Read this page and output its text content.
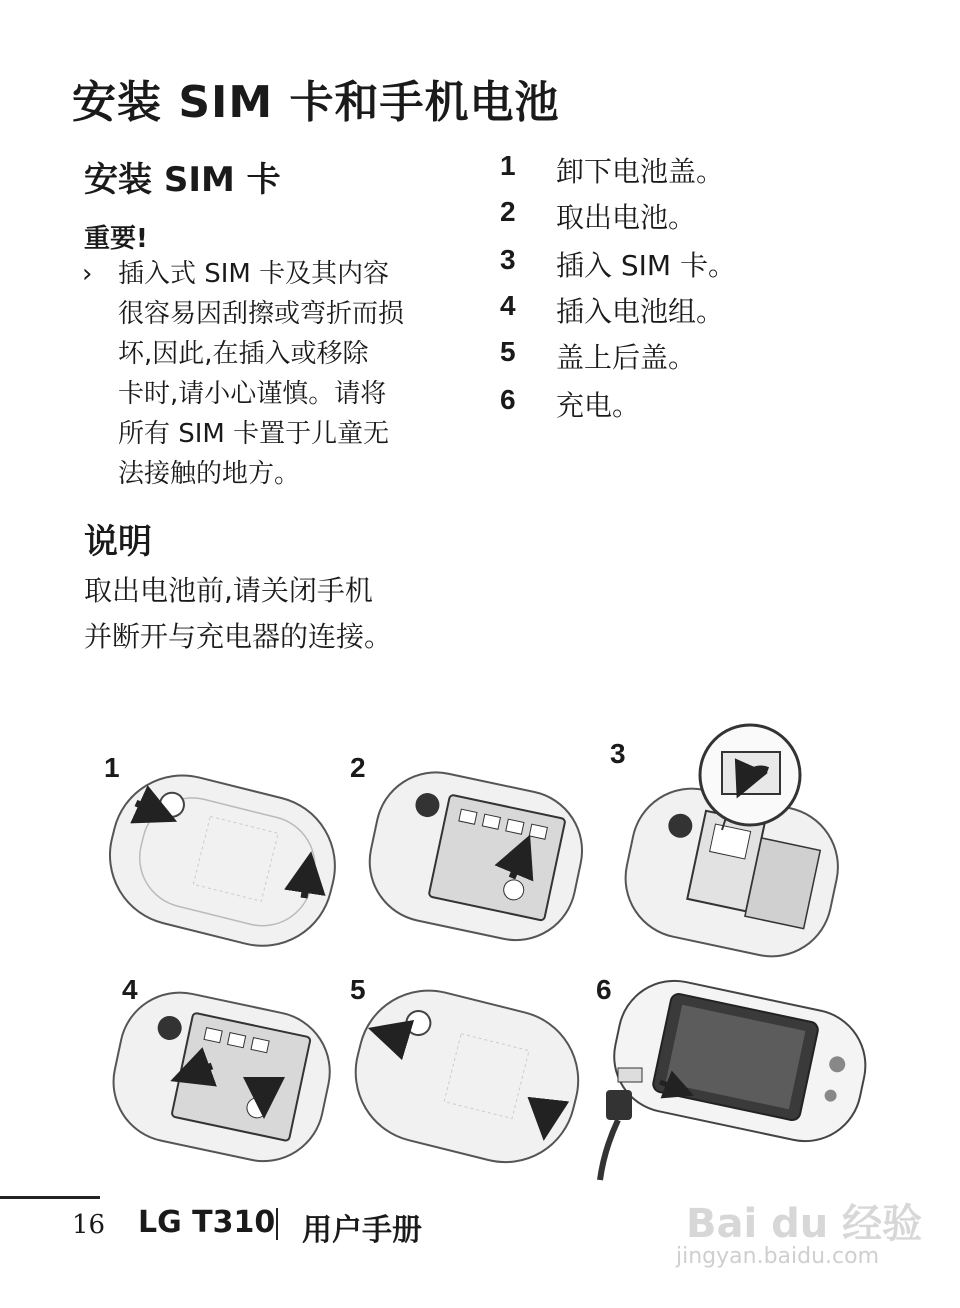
安装 SIM 卡和手机电池
安装 SIM 卡
重要!
› 插入式 SIM 卡及其内容
很容易因刮擦或弯折而损
坏,因此,在插入或移除
卡时,请小心谨慎。请将
所有 SIM 卡置于儿童无
法接触的地方。
1 卸下电池盖。
2 取出电池。
3 插入 SIM 卡。
4 插入电池组。
5 盖上后盖。
6 充电。
说明
取出电池前,请关闭手机
并断开与充电器的连接。
1	2	3
4	5	6
16 LG T310 用户手册	Bai du 经验
jingyan.baidu.com
